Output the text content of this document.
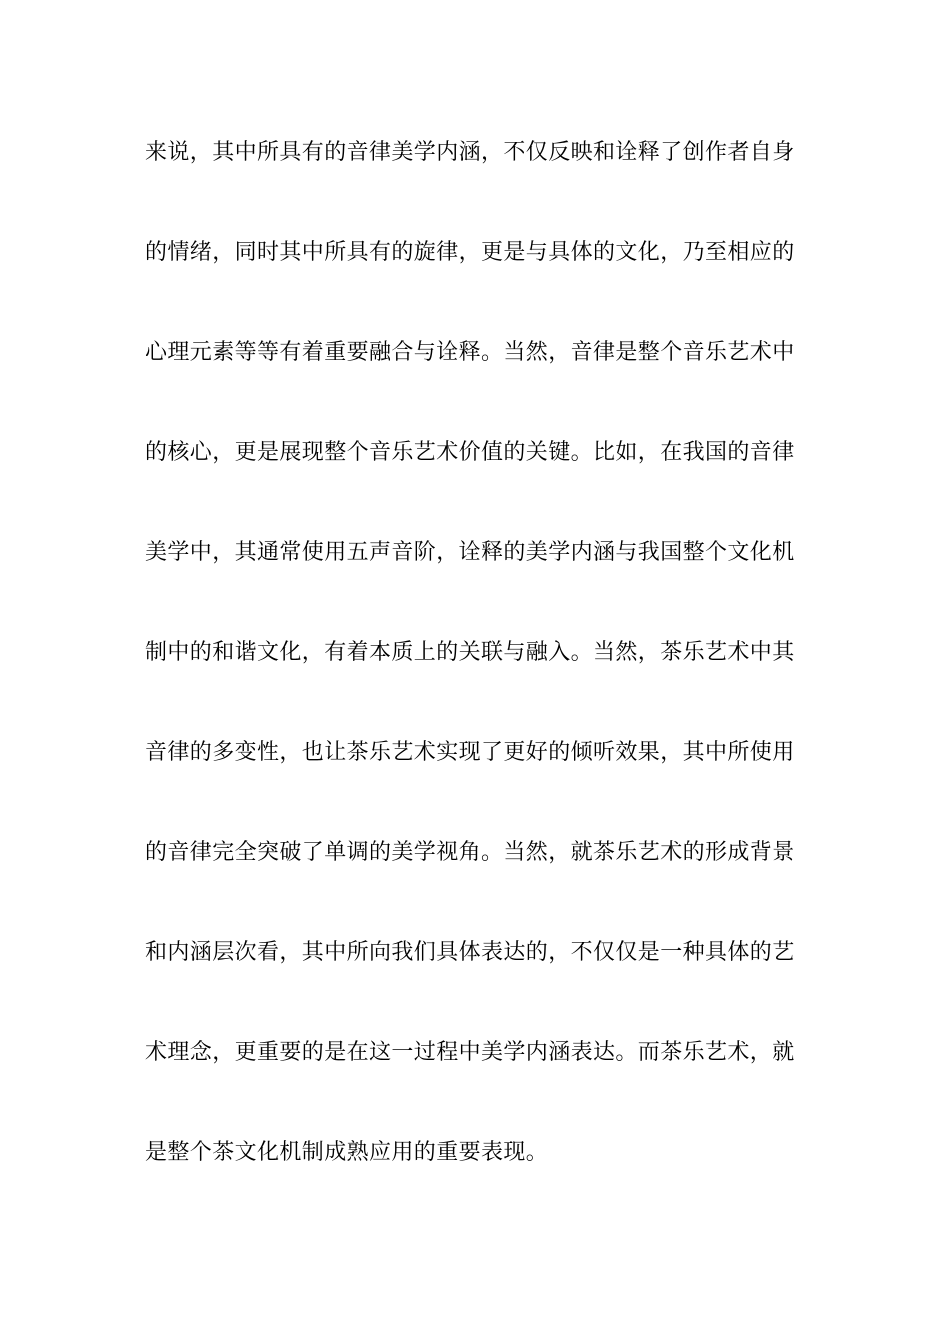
来说，其中所具有的音律美学内涵，不仅反映和诠释了创作者自身
的情绪，同时其中所具有的旋律，更是与具体的文化，乃至相应的
心理元素等等有着重要融合与诠释。当然，音律是整个音乐艺术中
的核心，更是展现整个音乐艺术价值的关键。比如，在我国的音律
美学中，其通常使用五声音阶，诠释的美学内涵与我国整个文化机
制中的和谐文化，有着本质上的关联与融入。当然，茶乐艺术中其
音律的多变性，也让茶乐艺术实现了更好的倾听效果，其中所使用
的音律完全突破了单调的美学视角。当然，就茶乐艺术的形成背景
和内涵层次看，其中所向我们具体表达的，不仅仅是一种具体的艺
术理念，更重要的是在这一过程中美学内涵表达。而茶乐艺术，就
是整个茶文化机制成熟应用的重要表现。
